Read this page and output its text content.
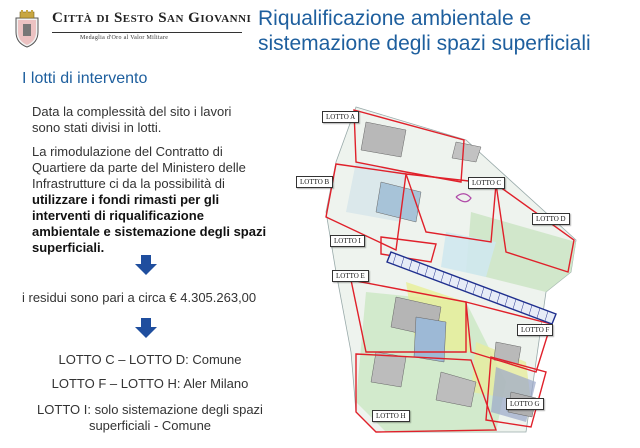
Città di Sesto San Giovanni
Medaglia d'Oro al Valor Militare
Riqualificazione ambientale e sistemazione degli spazi superficiali
I lotti di intervento
Data la complessità del sito i lavori sono stati divisi in lotti.
La rimodulazione del Contratto di Quartiere da parte del Ministero delle Infrastrutture ci da la possibilità di utilizzare i fondi rimasti per gli interventi di riqualificazione ambientale e sistemazione degli spazi superficiali.
i residui sono pari a circa € 4.305.263,00
LOTTO C – LOTTO D: Comune
LOTTO F – LOTTO H: Aler Milano
LOTTO I: solo sistemazione degli spazi superficiali - Comune
LOTTO A
LOTTO B	LOTTO C
LOTTO D
LOTTO I
LOTTO E
LOTTO F
LOTTO G
LOTTO H
